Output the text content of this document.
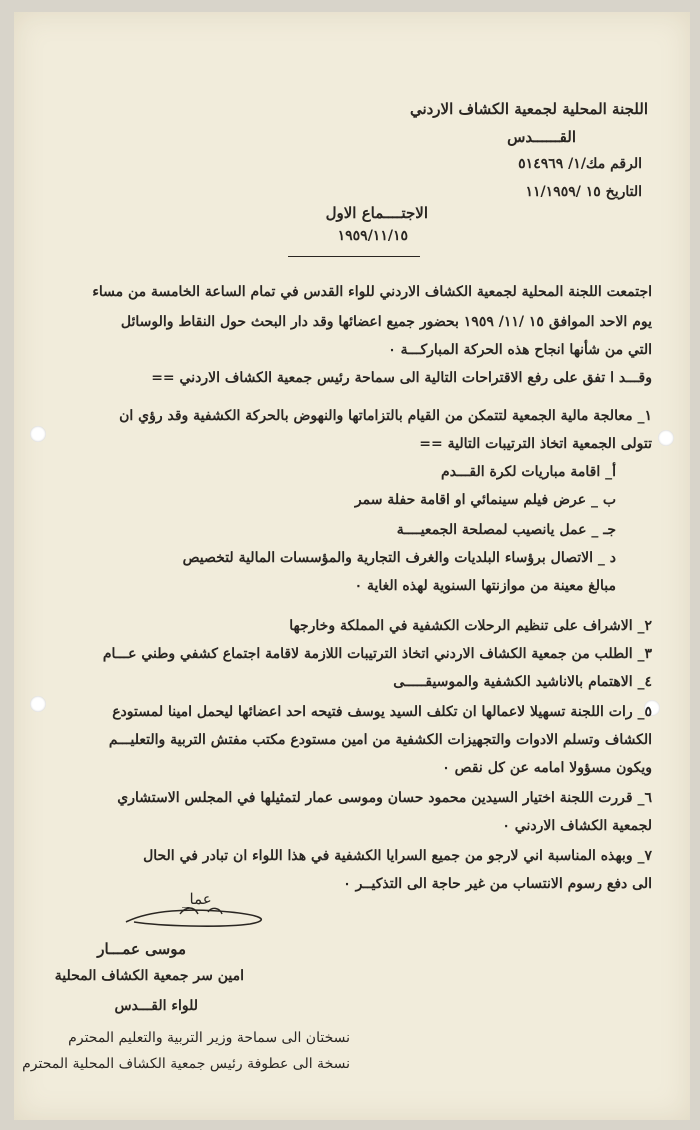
اللجنة المحلية لجمعية الكشاف الاردني
القــــــدس
الرقم مك/١/ ٥١٤٩٦٩
التاريخ ١٥ /١١/١٩٥٩
الاجتــــماع الاول
١٩٥٩/١١/١٥
اجتمعت اللجنة المحلية لجمعية الكشاف الاردني للواء القدس في تمام الساعة الخامسة من مساء
يوم الاحد الموافق ١٥ /١١/ ١٩٥٩ بحضور جميع اعضائها وقد دار البحث حول النقاط والوسائل
التي من شأنها انجاح هذه الحركة المباركـــة ٠
وقـــد ا تفق على رفع الاقتراحات التالية الى سماحة رئيس جمعية الكشاف الاردني ==
١_ معالجة مالية الجمعية لتتمكن من القيام بالتزاماتها والنهوض بالحركة الكشفية وقد رؤي ان
تتولى الجمعية اتخاذ الترتيبات التالية ==
أ_ اقامة مباريات لكرة القـــدم
ب _ عرض فيلم سينمائي او اقامة حفلة سمر
جـ _ عمل يانصيب لمصلحة الجمعيــــة
د _ الاتصال برؤساء البلديات والغرف التجارية والمؤسسات المالية لتخصيص
مبالغ معينة من موازنتها السنوية لهذه الغاية ٠
٢_ الاشراف على تنظيم الرحلات الكشفية في المملكة وخارجها
٣_ الطلب من جمعية الكشاف الاردني اتخاذ الترتيبات اللازمة لاقامة اجتماع كشفي وطني عـــام
٤_ الاهتمام بالاناشيد الكشفية والموسيقـــــى
٥_ رات اللجنة تسهيلا لاعمالها ان تكلف السيد يوسف فتيحه احد اعضائها ليحمل امينا لمستودع
الكشاف وتسلم الادوات والتجهيزات الكشفية من امين مستودع مكتب مفتش التربية والتعليـــم
ويكون مسؤولا امامه عن كل نقص ٠
٦_ قررت اللجنة اختيار السيدين محمود حسان وموسى عمار لتمثيلها في المجلس الاستشاري
لجمعية الكشاف الاردني ٠
٧_ وبهذه المناسبة اني لارجو من جميع السرايا الكشفية في هذا اللواء ان تبادر في الحال
الى دفع رسوم الانتساب من غير حاجة الى التذكيــر ٠
عما_
موسى عمـــار
امين سر جمعية الكشاف المحلية
للواء القـــدس
نسختان الى سماحة وزير التربية والتعليم المحترم
نسخة الى عطوفة رئيس جمعية الكشاف المحلية المحترم
